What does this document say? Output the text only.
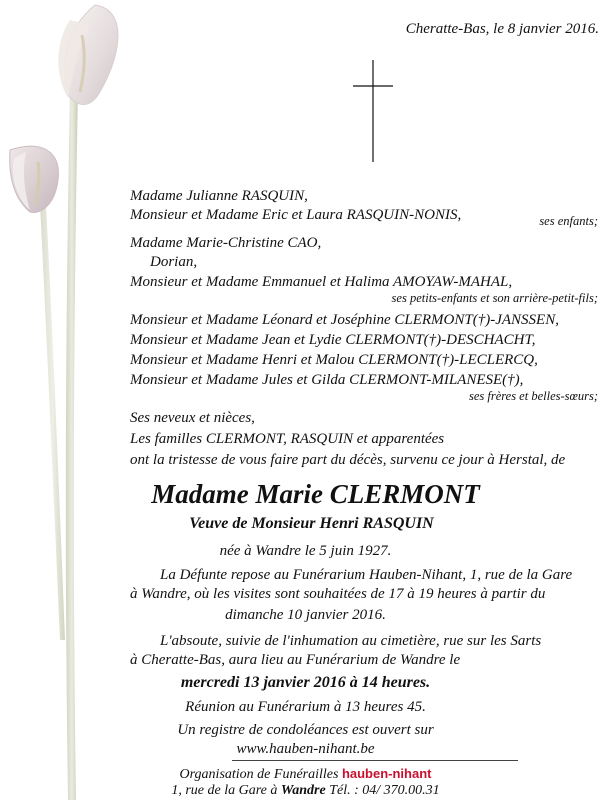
Cheratte-Bas, le 8 janvier 2016.
Madame Julianne RASQUIN,
Monsieur et Madame Eric et Laura RASQUIN-NONIS,	ses enfants;
Madame Marie-Christine CAO,
Dorian,
Monsieur et Madame Emmanuel et Halima AMOYAW-MAHAL,
ses petits-enfants et son arrière-petit-fils;
Monsieur et Madame Léonard et Joséphine CLERMONT(†)-JANSSEN,
Monsieur et Madame Jean et Lydie CLERMONT(†)-DESCHACHT,
Monsieur et Madame Henri et Malou CLERMONT(†)-LECLERCQ,
Monsieur et Madame Jules et Gilda CLERMONT-MILANESE(†),
ses frères et belles-sœurs;
Ses neveux et nièces,
Les familles CLERMONT, RASQUIN et apparentées
ont la tristesse de vous faire part du décès, survenu ce jour à Herstal, de
Madame Marie CLERMONT
Veuve de Monsieur Henri RASQUIN
née à Wandre le 5 juin 1927.
La Défunte repose au Funérarium Hauben-Nihant, 1, rue de la Gare
à Wandre, où les visites sont souhaitées de 17 à 19 heures à partir du
dimanche 10 janvier 2016.
L'absoute, suivie de l'inhumation au cimetière, rue sur les Sarts
à Cheratte-Bas, aura lieu au Funérarium de Wandre le
mercredi 13 janvier 2016 à 14 heures.
Réunion au Funérarium à 13 heures 45.
Un registre de condoléances est ouvert sur
www.hauben-nihant.be
Organisation de Funérailles hauben-nihant
1, rue de la Gare à Wandre Tél. : 04/ 370.00.31
